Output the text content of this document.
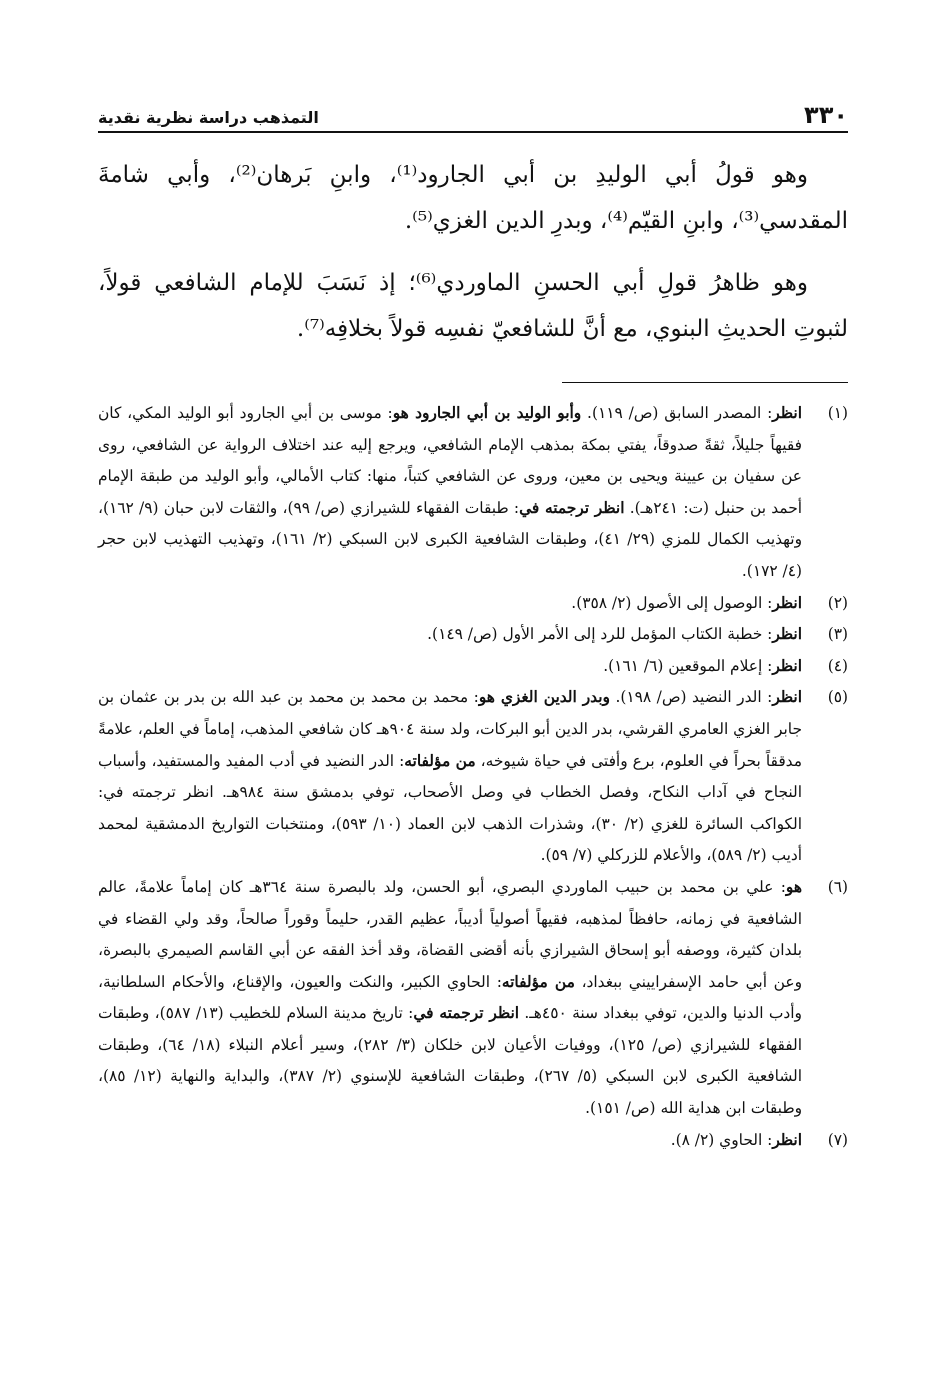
٣٣٠
التمذهب دراسة نظرية نقدية

وهو قولُ أبي الوليدِ بن أبي الجارود⁽¹⁾، وابنِ بَرهان⁽²⁾، وأبي شامةَ المقدسي⁽³⁾، وابنِ القيّم⁽⁴⁾، وبدرِ الدين الغزي⁽⁵⁾.

وهو ظاهرُ قولِ أبي الحسنِ الماوردي⁽⁶⁾؛ إذ نَسَبَ للإمام الشافعي قولاً، لثبوتِ الحديثِ البنوي، مع أنَّ للشافعيّ نفسِه قولاً بخلافِه⁽⁷⁾.

(١)
انظر: المصدر السابق (ص/ ١١٩). وأبو الوليد بن أبي الجارود هو: موسى بن أبي الجارود أبو الوليد المكي، كان فقيهاً جليلاً، ثقةً صدوقاً، يفتي بمكة بمذهب الإمام الشافعي، ويرجع إليه عند اختلاف الرواية عن الشافعي، روى عن سفيان بن عيينة ويحيى بن معين، وروى عن الشافعي كتباً، منها: كتاب الأمالي، وأبو الوليد من طبقة الإمام أحمد بن حنبل (ت: ٢٤١هـ). انظر ترجمته في: طبقات الفقهاء للشيرازي (ص/ ٩٩)، والثقات لابن حبان (٩/ ١٦٢)، وتهذيب الكمال للمزي (٢٩/ ٤١)، وطبقات الشافعية الكبرى لابن السبكي (٢/ ١٦١)، وتهذيب التهذيب لابن حجر (٤/ ١٧٢).
(٢)
انظر: الوصول إلى الأصول (٢/ ٣٥٨).
(٣)
انظر: خطبة الكتاب المؤمل للرد إلى الأمر الأول (ص/ ١٤٩).
(٤)
انظر: إعلام الموقعين (٦/ ١٦١).
(٥)
انظر: الدر النضيد (ص/ ١٩٨). وبدر الدين الغزي هو: محمد بن محمد بن محمد بن عبد الله بن بدر بن عثمان بن جابر الغزي العامري القرشي، بدر الدين أبو البركات، ولد سنة ٩٠٤هـ كان شافعي المذهب، إماماً في العلم، علامةً مدققاً بحراً في العلوم، برع وأفتى في حياة شيوخه، من مؤلفاته: الدر النضيد في أدب المفيد والمستفيد، وأسباب النجاح في آداب النكاح، وفصل الخطاب في وصل الأصحاب، توفي بدمشق سنة ٩٨٤هـ. انظر ترجمته في: الكواكب السائرة للغزي (٢/ ٣٠)، وشذرات الذهب لابن العماد (١٠/ ٥٩٣)، ومنتخبات التواريخ الدمشقية لمحمد أديب (٢/ ٥٨٩)، والأعلام للزركلي (٧/ ٥٩).
(٦)
هو: علي بن محمد بن حبيب الماوردي البصري، أبو الحسن، ولد بالبصرة سنة ٣٦٤هـ كان إماماً علامةً، عالم الشافعية في زمانه، حافظاً لمذهبه، فقيهاً أصولياً أديباً، عظيم القدر، حليماً وقوراً صالحاً، وقد ولي القضاء في بلدان كثيرة، ووصفه أبو إسحاق الشيرازي بأنه أقضى القضاة، وقد أخذ الفقه عن أبي القاسم الصيمري بالبصرة، وعن أبي حامد الإسفراييني ببغداد، من مؤلفاته: الحاوي الكبير، والنكت والعيون، والإقناع، والأحكام السلطانية، وأدب الدنيا والدين، توفي ببغداد سنة ٤٥٠هـ. انظر ترجمته في: تاريخ مدينة السلام للخطيب (١٣/ ٥٨٧)، وطبقات الفقهاء للشيرازي (ص/ ١٢٥)، ووفيات الأعيان لابن خلكان (٣/ ٢٨٢)، وسير أعلام النبلاء (١٨/ ٦٤)، وطبقات الشافعية الكبرى لابن السبكي (٥/ ٢٦٧)، وطبقات الشافعية للإسنوي (٢/ ٣٨٧)، والبداية والنهاية (١٢/ ٨٥)، وطبقات ابن هداية الله (ص/ ١٥١).
(٧)
انظر: الحاوي (٢/ ٨).
